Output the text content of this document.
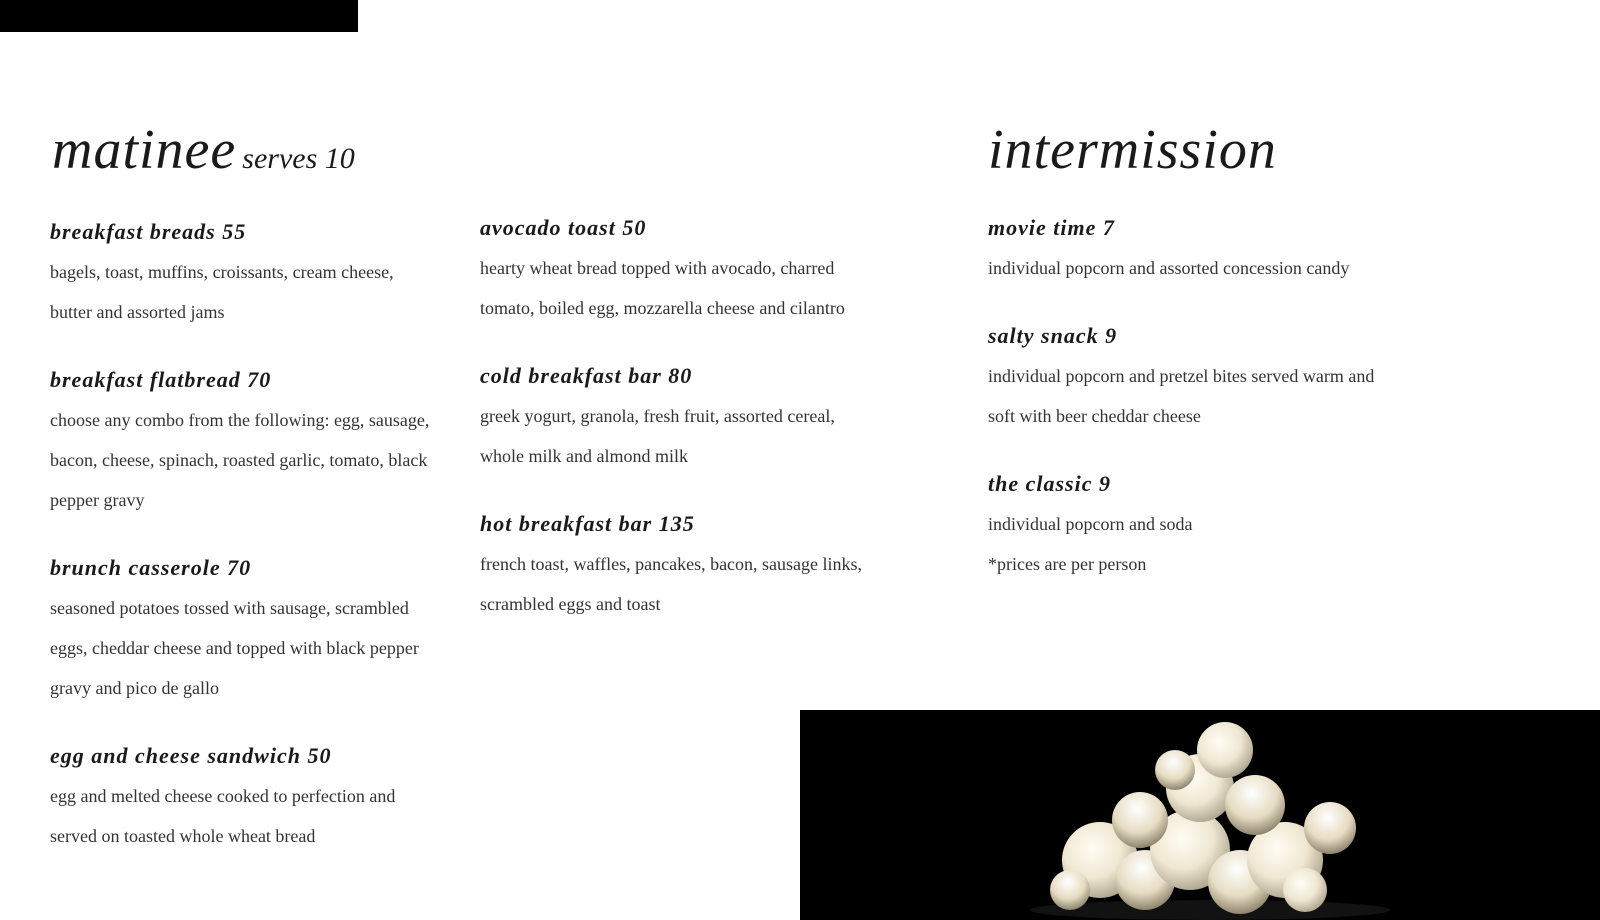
matinee serves 10	intermission

breakfast breads 55

bagels, toast, muffins, croissants, cream cheese, butter and assorted jams

breakfast flatbread 70

choose any combo from the following: egg, sausage, bacon, cheese, spinach, roasted garlic, tomato, black pepper gravy

brunch casserole 70

seasoned potatoes tossed with sausage, scrambled eggs, cheddar cheese and topped with black pepper gravy and pico de gallo

egg and cheese sandwich 50

egg and melted cheese cooked to perfection and served on toasted whole wheat bread

avocado toast 50

hearty wheat bread topped with avocado, charred tomato, boiled egg, mozzarella cheese and cilantro

cold breakfast bar 80

greek yogurt, granola, fresh fruit, assorted cereal, whole milk and almond milk

hot breakfast bar 135

french toast, waffles, pancakes, bacon, sausage links, scrambled eggs and toast

movie time 7

individual popcorn and assorted concession candy

salty snack 9

individual popcorn and pretzel bites served warm and soft with beer cheddar cheese

the classic 9

individual popcorn and soda

*prices are per person
